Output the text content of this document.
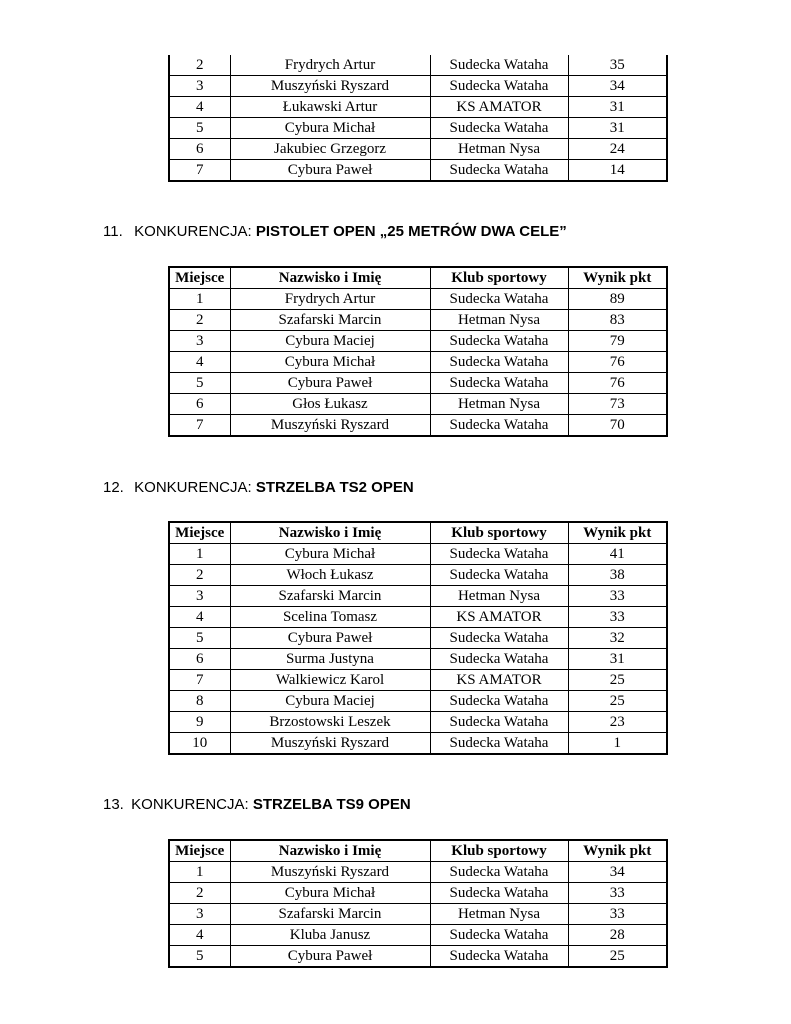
2	Frydrych Artur	Sudecka Wataha	35
3	Muszyński Ryszard	Sudecka Wataha	34
4	Łukawski Artur	KS AMATOR	31
5	Cybura Michał	Sudecka Wataha	31
6	Jakubiec Grzegorz	Hetman Nysa	24
7	Cybura Paweł	Sudecka Wataha	14
11. KONKURENCJA: PISTOLET OPEN „25 METRÓW DWA CELE”
Miejsce	Nazwisko i Imię	Klub sportowy	Wynik pkt
1	Frydrych Artur	Sudecka Wataha	89
2	Szafarski Marcin	Hetman Nysa	83
3	Cybura Maciej	Sudecka Wataha	79
4	Cybura Michał	Sudecka Wataha	76
5	Cybura Paweł	Sudecka Wataha	76
6	Głos Łukasz	Hetman Nysa	73
7	Muszyński Ryszard	Sudecka Wataha	70
12. KONKURENCJA: STRZELBA TS2 OPEN
Miejsce	Nazwisko i Imię	Klub sportowy	Wynik pkt
1	Cybura Michał	Sudecka Wataha	41
2	Włoch Łukasz	Sudecka Wataha	38
3	Szafarski Marcin	Hetman Nysa	33
4	Scelina Tomasz	KS AMATOR	33
5	Cybura Paweł	Sudecka Wataha	32
6	Surma Justyna	Sudecka Wataha	31
7	Walkiewicz Karol	KS AMATOR	25
8	Cybura Maciej	Sudecka Wataha	25
9	Brzostowski Leszek	Sudecka Wataha	23
10	Muszyński Ryszard	Sudecka Wataha	1
13. KONKURENCJA: STRZELBA TS9 OPEN
Miejsce	Nazwisko i Imię	Klub sportowy	Wynik pkt
1	Muszyński Ryszard	Sudecka Wataha	34
2	Cybura Michał	Sudecka Wataha	33
3	Szafarski Marcin	Hetman Nysa	33
4	Kluba Janusz	Sudecka Wataha	28
5	Cybura Paweł	Sudecka Wataha	25
